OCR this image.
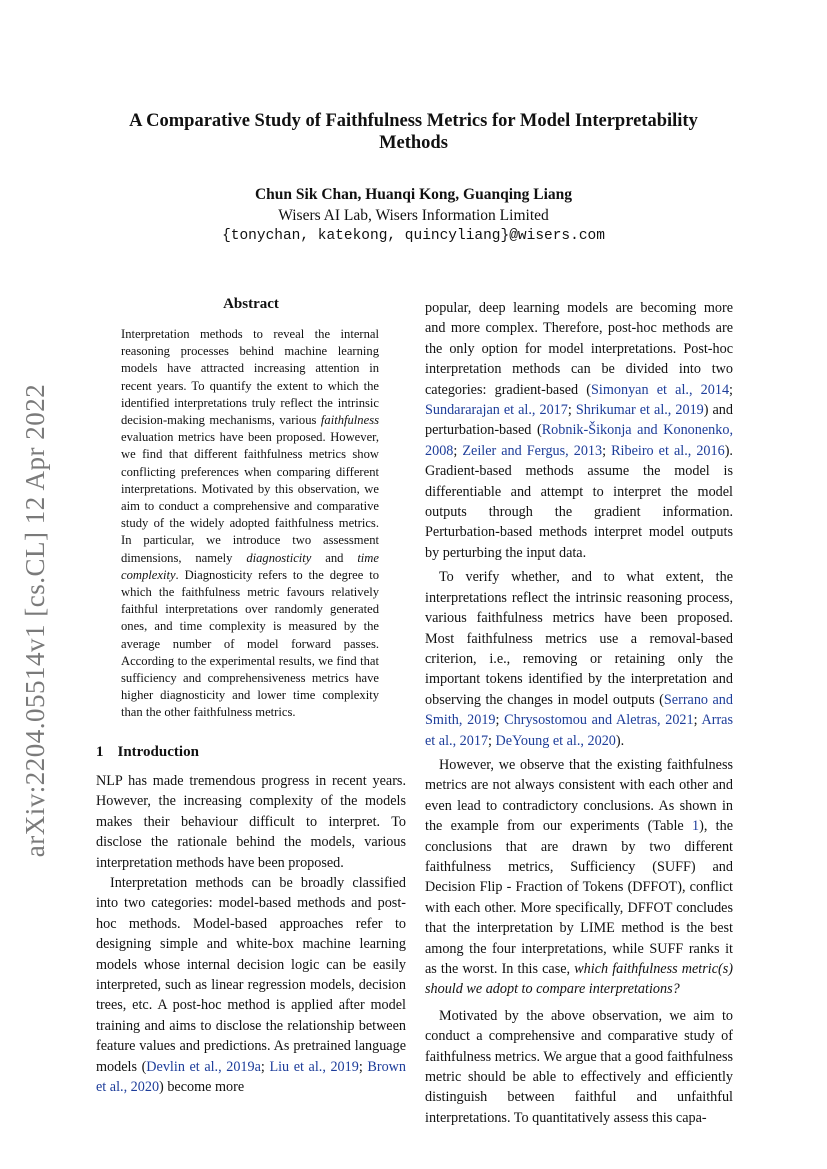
arXiv:2204.05514v1 [cs.CL] 12 Apr 2022
A Comparative Study of Faithfulness Metrics for Model Interpretability
Methods
Chun Sik Chan, Huanqi Kong, Guanqing Liang
Wisers AI Lab, Wisers Information Limited
{tonychan, katekong, quincyliang}@wisers.com
Abstract
Interpretation methods to reveal the internal reasoning processes behind machine learning models have attracted increasing attention in recent years. To quantify the extent to which the identified interpretations truly reflect the intrinsic decision-making mechanisms, various faithfulness evaluation metrics have been proposed. However, we find that different faithfulness metrics show conflicting preferences when comparing different interpretations. Motivated by this observation, we aim to conduct a comprehensive and comparative study of the widely adopted faithfulness metrics. In particular, we introduce two assessment dimensions, namely diagnosticity and time complexity. Diagnosticity refers to the degree to which the faithfulness metric favours relatively faithful interpretations over randomly generated ones, and time complexity is measured by the average number of model forward passes. According to the experimental results, we find that sufficiency and comprehensiveness metrics have higher diagnosticity and lower time complexity than the other faithfulness metrics.
1 Introduction

NLP has made tremendous progress in recent years. However, the increasing complexity of the models makes their behaviour difficult to interpret. To disclose the rationale behind the models, various interpretation methods have been proposed.

Interpretation methods can be broadly classified into two categories: model-based methods and post-hoc methods. Model-based approaches refer to designing simple and white-box machine learning models whose internal decision logic can be easily interpreted, such as linear regression models, decision trees, etc. A post-hoc method is applied after model training and aims to disclose the relationship between feature values and predictions. As pretrained language models (Devlin et al., 2019a; Liu et al., 2019; Brown et al., 2020) become more

popular, deep learning models are becoming more and more complex. Therefore, post-hoc methods are the only option for model interpretations. Post-hoc interpretation methods can be divided into two categories: gradient-based (Simonyan et al., 2014; Sundararajan et al., 2017; Shrikumar et al., 2019) and perturbation-based (Robnik-Šikonja and Kononenko, 2008; Zeiler and Fergus, 2013; Ribeiro et al., 2016). Gradient-based methods assume the model is differentiable and attempt to interpret the model outputs through the gradient information. Perturbation-based methods interpret model outputs by perturbing the input data.

To verify whether, and to what extent, the interpretations reflect the intrinsic reasoning process, various faithfulness metrics have been proposed. Most faithfulness metrics use a removal-based criterion, i.e., removing or retaining only the important tokens identified by the interpretation and observing the changes in model outputs (Serrano and Smith, 2019; Chrysostomou and Aletras, 2021; Arras et al., 2017; DeYoung et al., 2020).

However, we observe that the existing faithfulness metrics are not always consistent with each other and even lead to contradictory conclusions. As shown in the example from our experiments (Table 1), the conclusions that are drawn by two different faithfulness metrics, Sufficiency (SUFF) and Decision Flip - Fraction of Tokens (DFFOT), conflict with each other. More specifically, DFFOT concludes that the interpretation by LIME method is the best among the four interpretations, while SUFF ranks it as the worst. In this case, which faithfulness metric(s) should we adopt to compare interpretations?

Motivated by the above observation, we aim to conduct a comprehensive and comparative study of faithfulness metrics. We argue that a good faithfulness metric should be able to effectively and efficiently distinguish between faithful and unfaithful interpretations. To quantitatively assess this capa-
